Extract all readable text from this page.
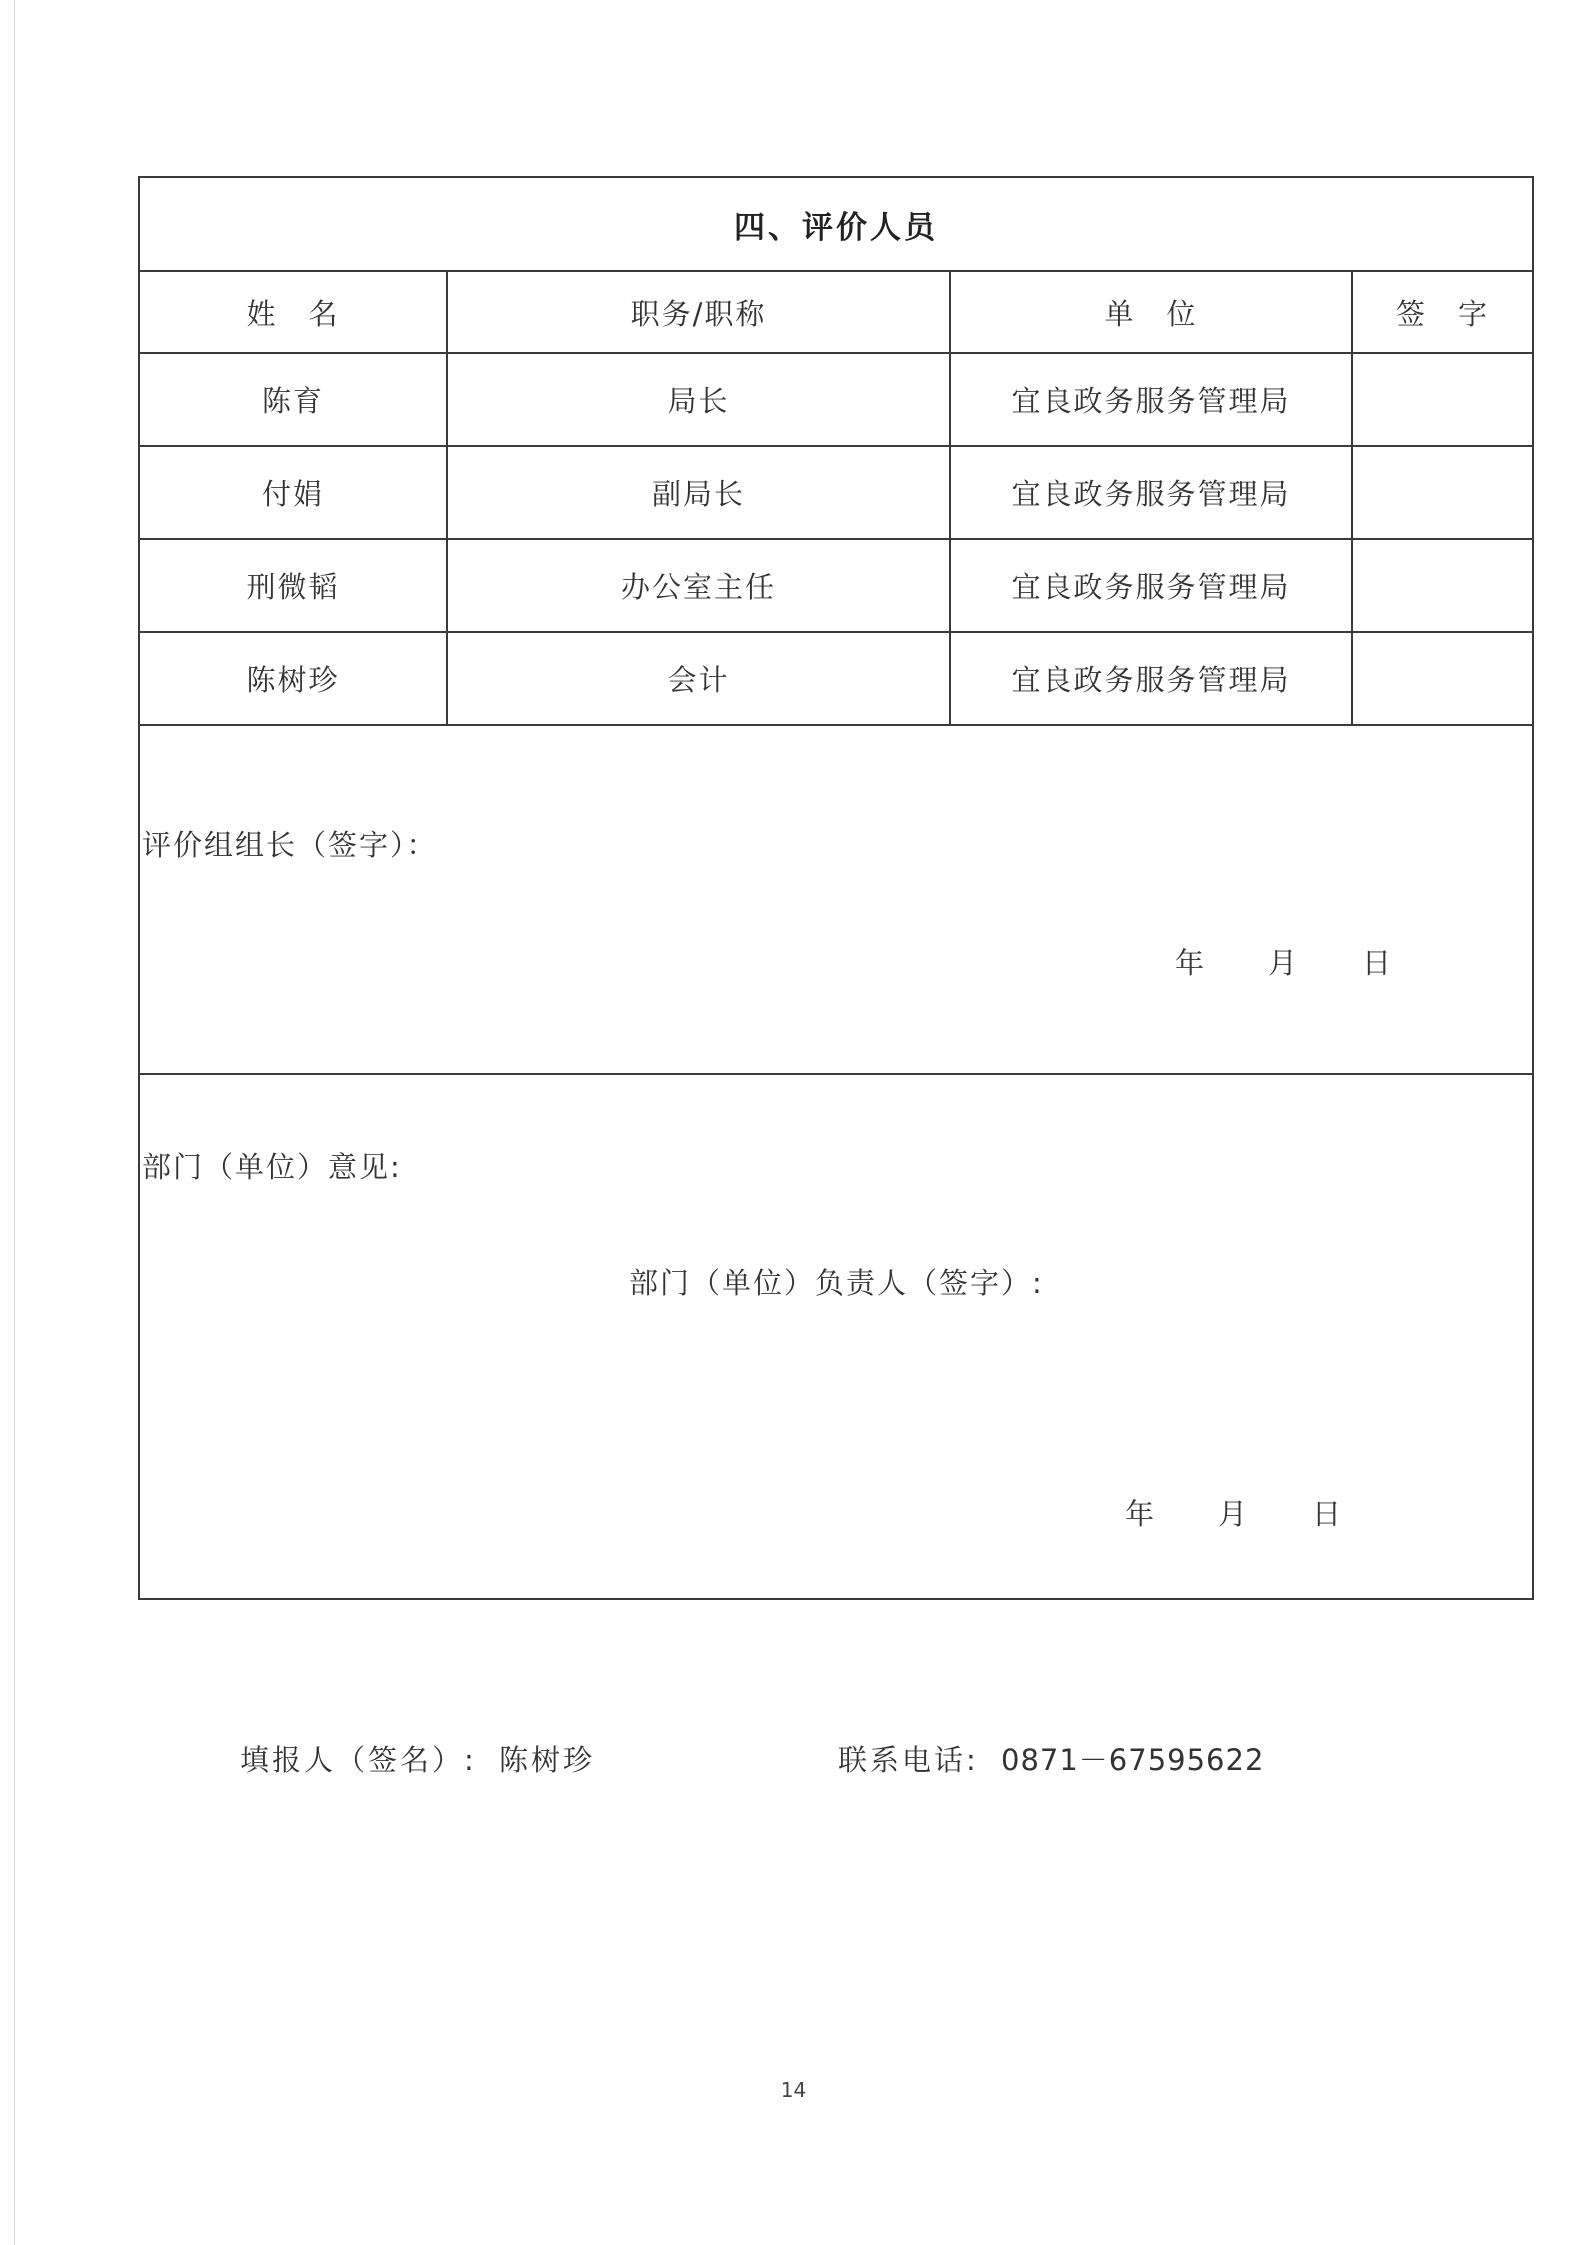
四、评价人员			
姓　名	职务/职称	单　位	签　字
陈育	局长	宜良政务服务管理局	
付娟	副局长	宜良政务服务管理局	
刑微韬	办公室主任	宜良政务服务管理局	
陈树珍	会计	宜良政务服务管理局	

评价组组长（签字）：
年 月 日			

部门（单位）意见:
部门（单位）负责人（签字）:
年 月 日			
填报人（签名）: 陈树珍	联系电话: 0871－67595622
14
